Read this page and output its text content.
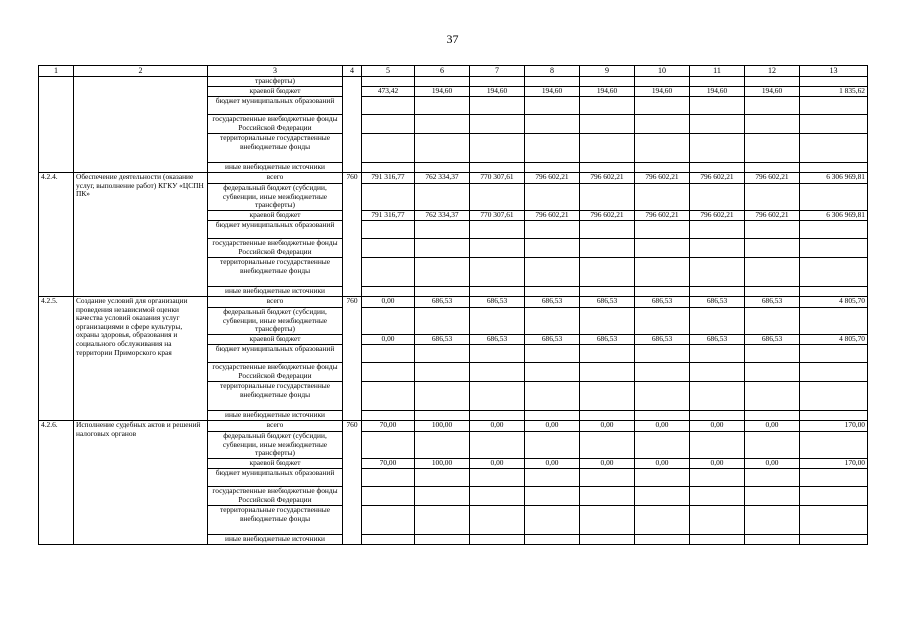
37
1	2	3	4	5	6	7	8	9	10	11	12	13
		трансферты)										
		краевой бюджет		473,42	194,60	194,60	194,60	194,60	194,60	194,60	194,60	1 835,62
		бюджет муниципальных образований										
		государственные внебюджетные фонды Российской Федерации										
		территориальные государственные внебюджетные фонды										
		иные внебюджетные источники										
4.2.4.	Обеспечение деятельности (оказание услуг, выполнение работ) КГКУ «ЦСПН ПК»	всего	760	791 316,77	762 334,37	770 307,61	796 602,21	796 602,21	796 602,21	796 602,21	796 602,21	6 306 969,81
		федеральный бюджет (субсидии, субвенции, иные межбюджетные трансферты)										
		краевой бюджет		791 316,77	762 334,37	770 307,61	796 602,21	796 602,21	796 602,21	796 602,21	796 602,21	6 306 969,81
		бюджет муниципальных образований										
		государственные внебюджетные фонды Российской Федерации										
		территориальные государственные внебюджетные фонды										
		иные внебюджетные источники										
4.2.5.	Создание условий для организации проведения независимой оценки качества условий оказания услуг организациями в сфере культуры, охраны здоровья, образования и социального обслуживания на территории Приморского края	всего	760	0,00	686,53	686,53	686,53	686,53	686,53	686,53	686,53	4 805,70
		федеральный бюджет (субсидии, субвенции, иные межбюджетные трансферты)										
		краевой бюджет		0,00	686,53	686,53	686,53	686,53	686,53	686,53	686,53	4 805,70
		бюджет муниципальных образований										
		государственные внебюджетные фонды Российской Федерации										
		территориальные государственные внебюджетные фонды										
		иные внебюджетные источники										
4.2.6.	Исполнение судебных актов и решений налоговых органов	всего	760	70,00	100,00	0,00	0,00	0,00	0,00	0,00	0,00	170,00
		федеральный бюджет (субсидии, субвенции, иные межбюджетные трансферты)										
		краевой бюджет		70,00	100,00	0,00	0,00	0,00	0,00	0,00	0,00	170,00
		бюджет муниципальных образований										
		государственные внебюджетные фонды Российской Федерации										
		территориальные государственные внебюджетные фонды										
		иные внебюджетные источники										
